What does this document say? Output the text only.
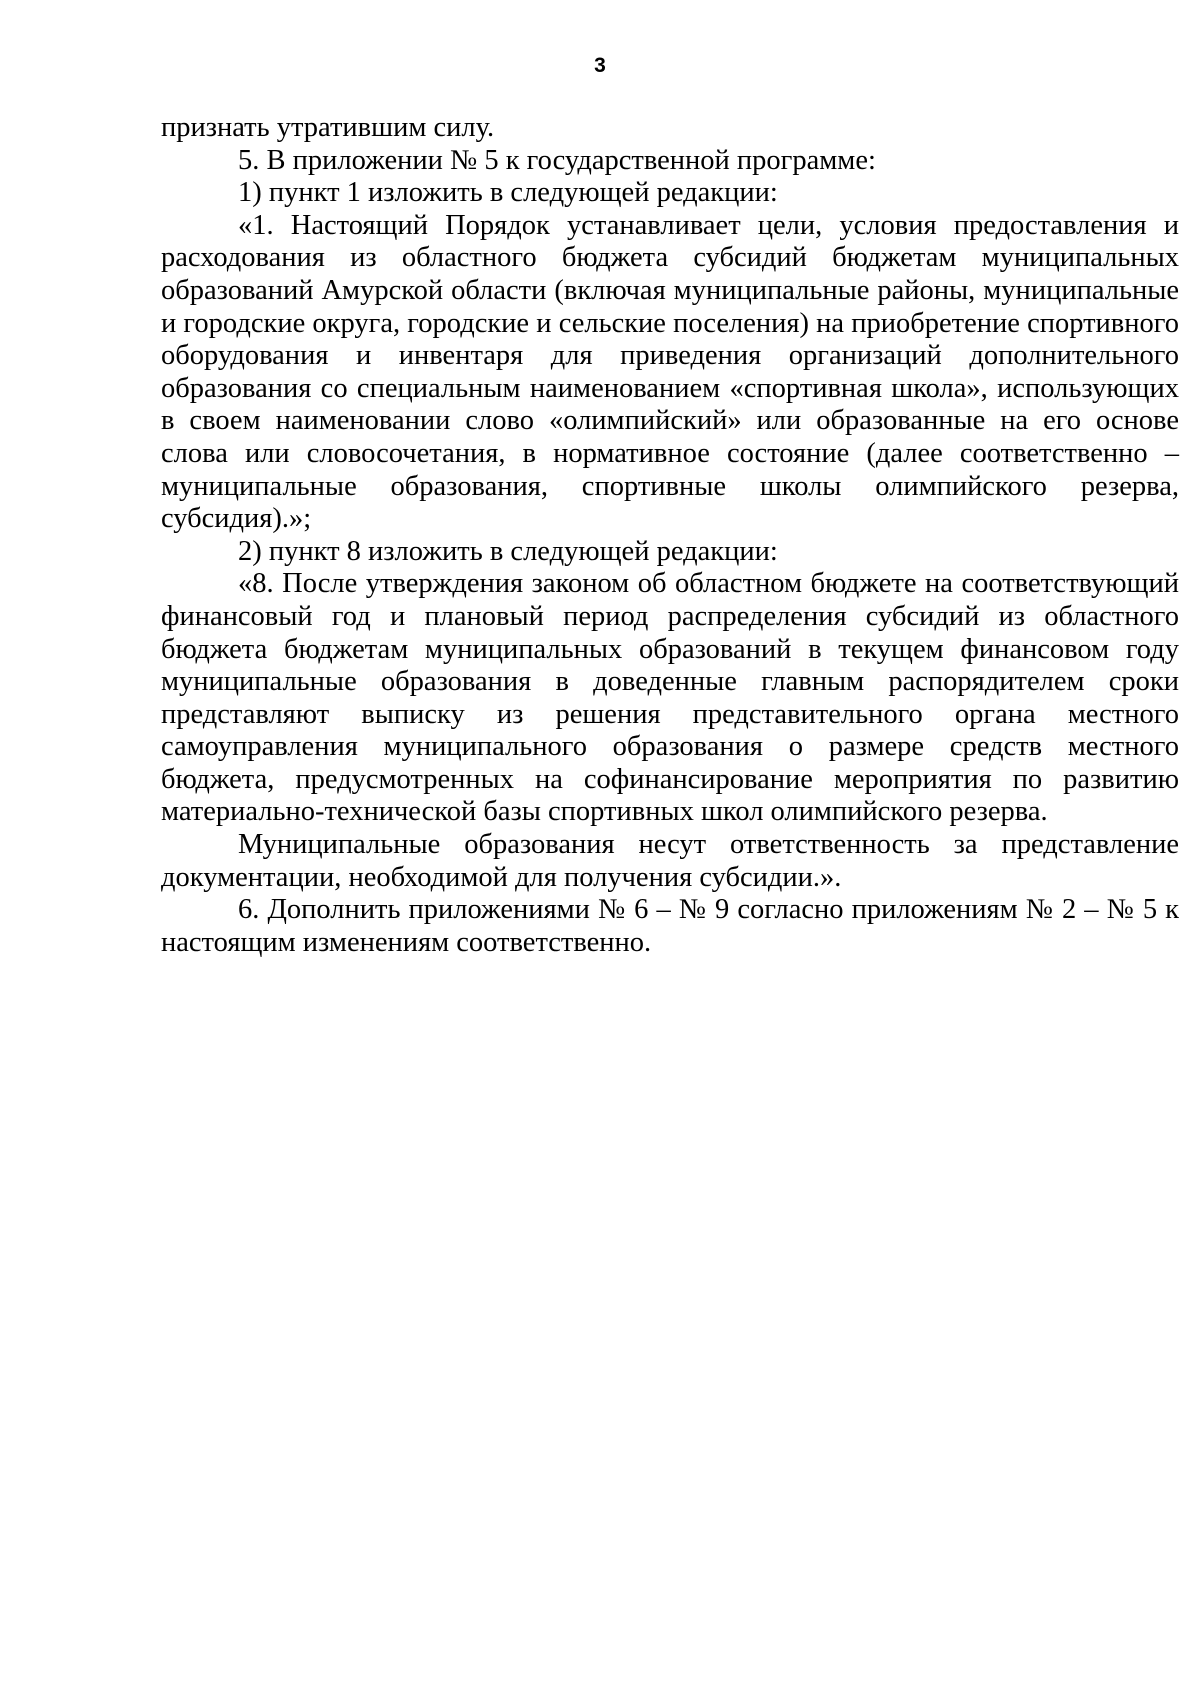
3

признать утратившим силу.

5. В приложении № 5 к государственной программе:

1) пункт 1 изложить в следующей редакции:

«1. Настоящий Порядок устанавливает цели, условия предоставления и расходования из областного бюджета субсидий бюджетам муниципальных образований Амурской области (включая муниципальные районы, муниципальные и городские округа, городские и сельские поселения) на приобретение спортивного оборудования и инвентаря для приведения организаций дополнительного образования со специальным наименованием «спортивная школа», использующих в своем наименовании слово «олимпийский» или образованные на его основе слова или словосочетания, в нормативное состояние (далее соответственно – муниципальные образования, спортивные школы олимпийского резерва, субсидия).»;

2) пункт 8 изложить в следующей редакции:

«8. После утверждения законом об областном бюджете на соответствующий финансовый год и плановый период распределения субсидий из областного бюджета бюджетам муниципальных образований в текущем финансовом году муниципальные образования в доведенные главным распорядителем сроки представляют выписку из решения представительного органа местного самоуправления муниципального образования о размере средств местного бюджета, предусмотренных на софинансирование мероприятия по развитию материально-технической базы спортивных школ олимпийского резерва.

Муниципальные образования несут ответственность за представление документации, необходимой для получения субсидии.».

6. Дополнить приложениями № 6 – № 9 согласно приложениям № 2 – № 5 к настоящим изменениям соответственно.
